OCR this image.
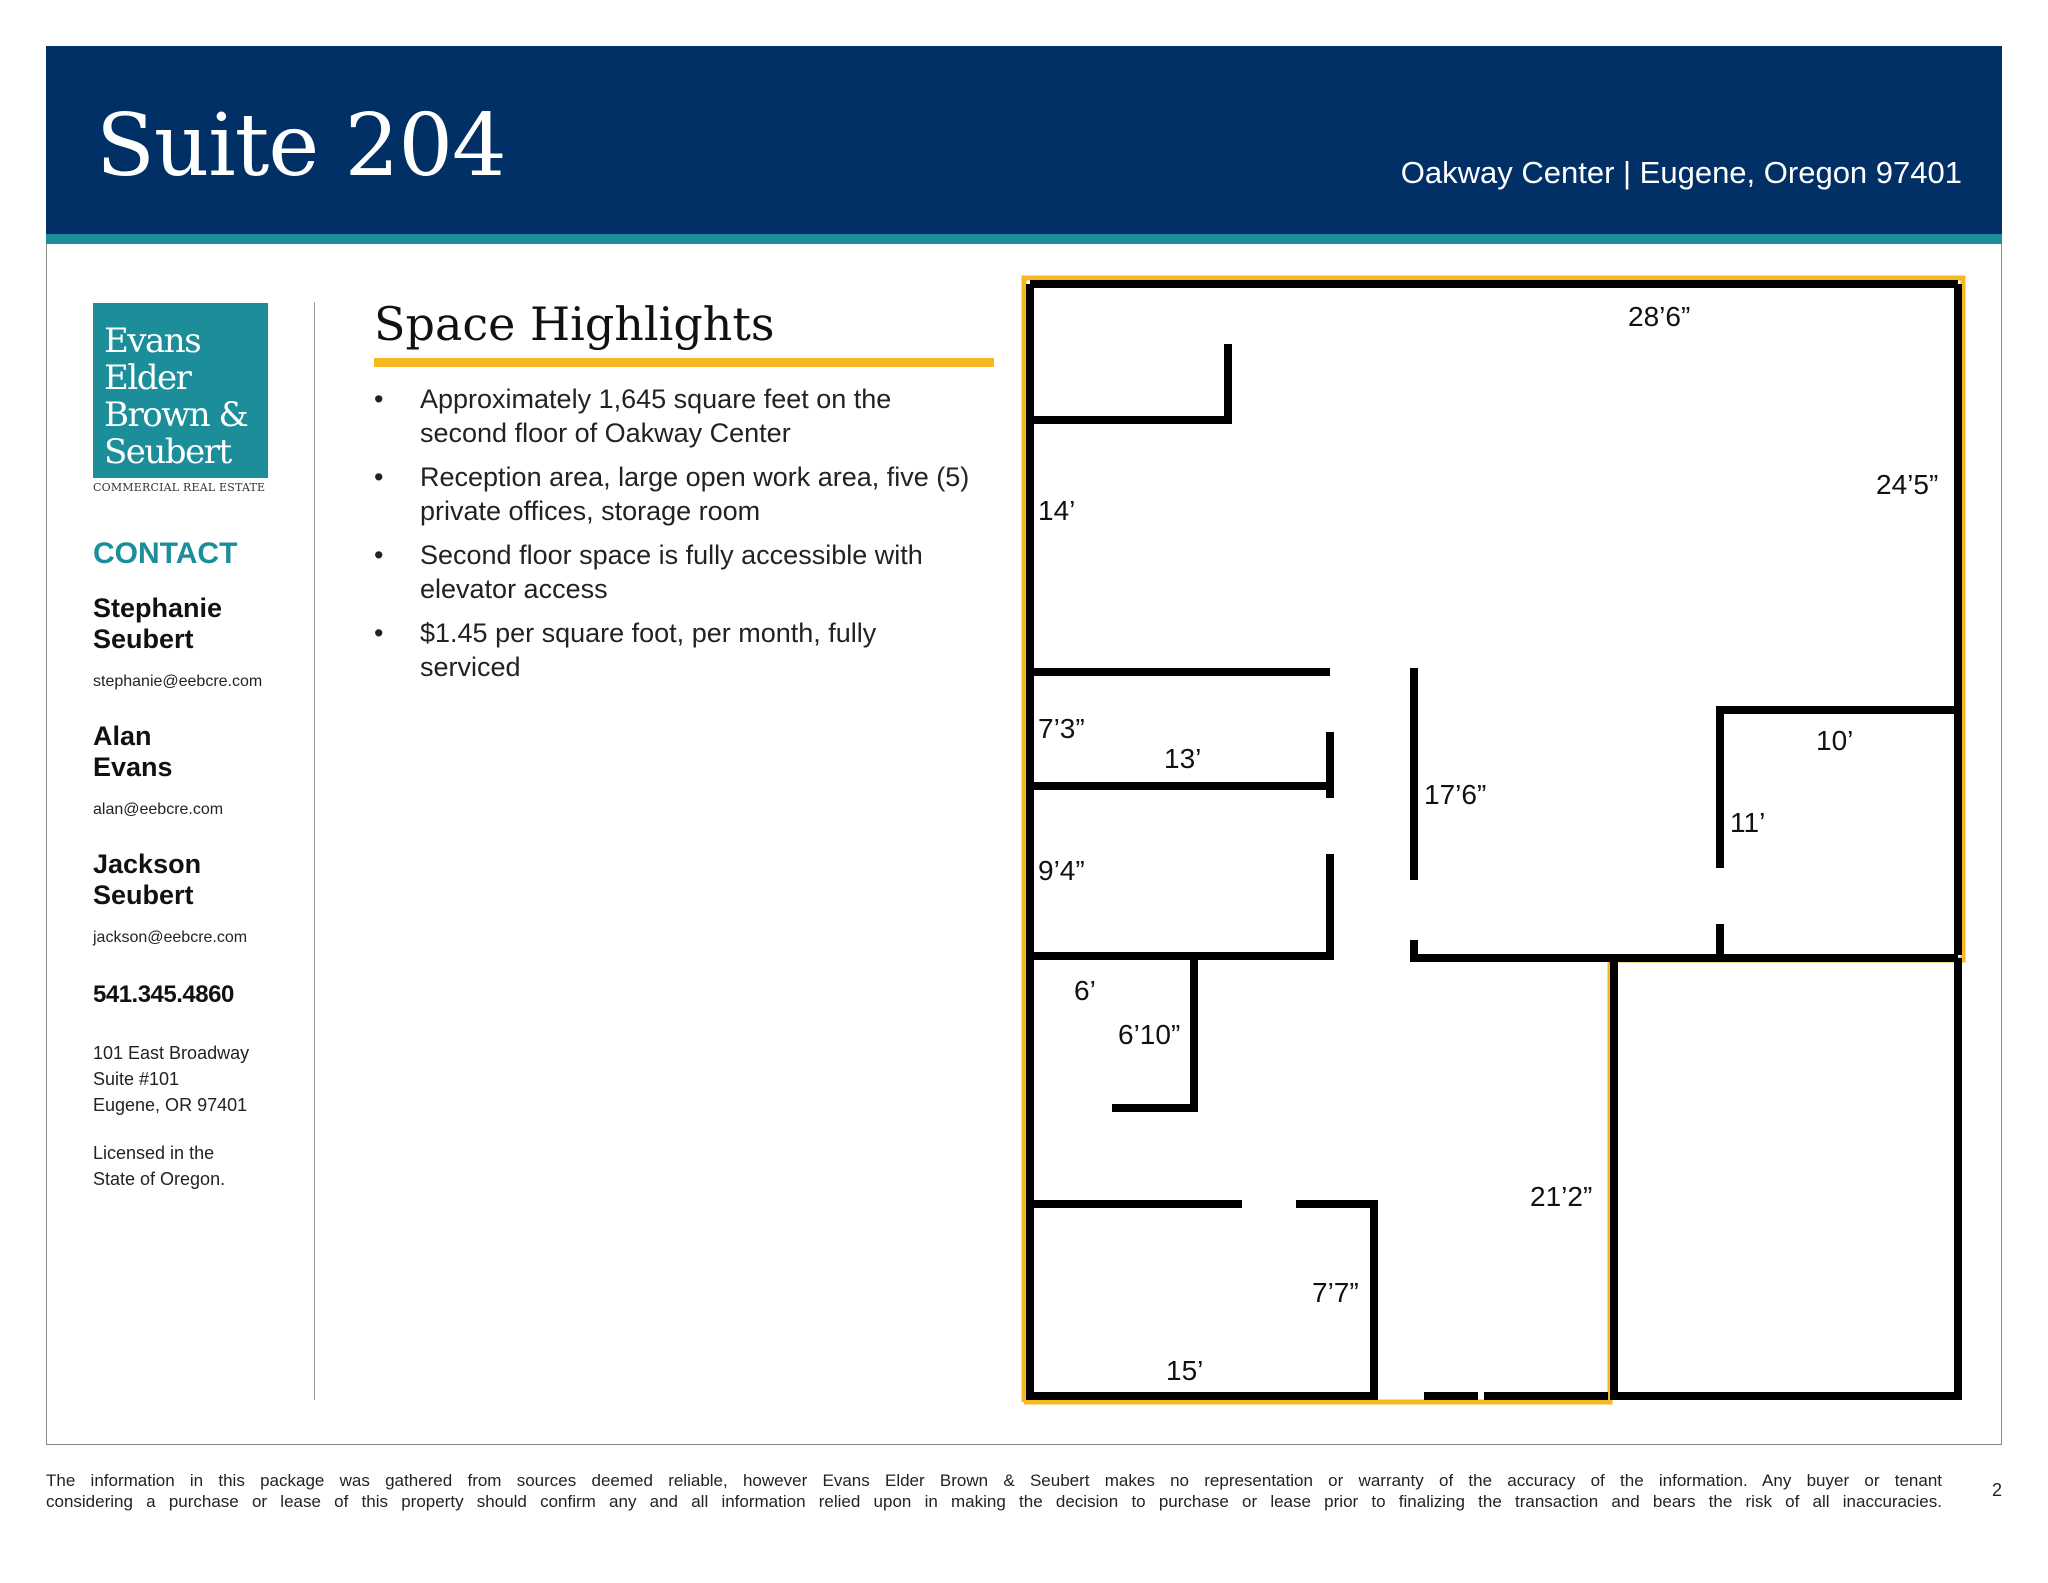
Suite 204	Oakway Center | Eugene, Oregon 97401
Evans
Elder
Brown &
Seubert
COMMERCIAL REAL ESTATE
CONTACT
Stephanie
Seubert
stephanie@eebcre.com
Alan
Evans
alan@eebcre.com
Jackson
Seubert
jackson@eebcre.com
541.345.4860
101 East Broadway
Suite #101
Eugene, OR 97401
Licensed in the
State of Oregon.
Space Highlights
• Approximately 1,645 square feet on the
second floor of Oakway Center
• Reception area, large open work area, five (5)
private offices, storage room
• Second floor space is fully accessible with
elevator access
• $1.45 per square foot, per month, fully
serviced
28’6”
24’5”
14’
7’3”
13’
17’6”
10’
11’
9’4”
6’
6’10”
21’2”
7’7”
15’
The information in this package was gathered from sources deemed reliable, however Evans Elder Brown & Seubert makes no representation or warranty of the accuracy of the information. Any buyer or tenant
considering a purchase or lease of this property should confirm any and all information relied upon in making the decision to purchase or lease prior to finalizing the transaction and bears the risk of all inaccuracies.
2
